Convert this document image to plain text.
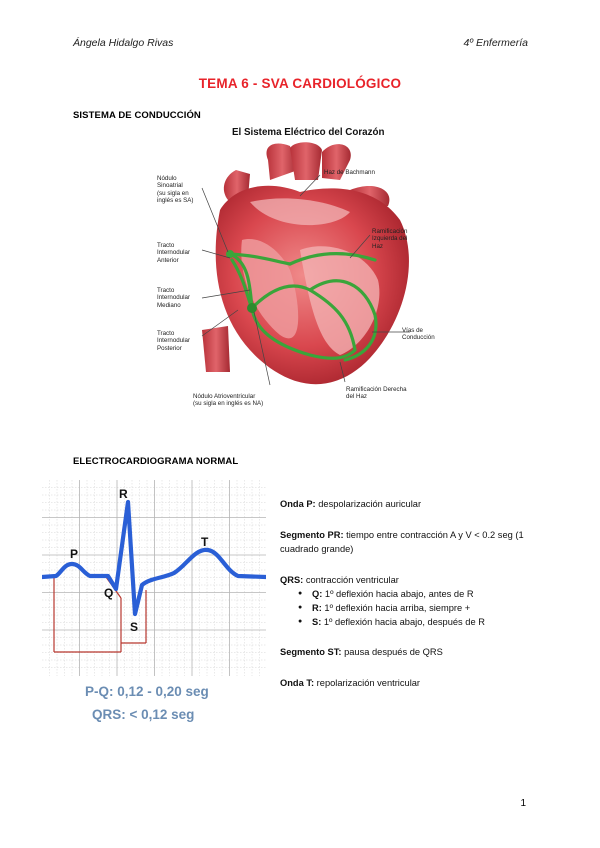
Ángela Hidalgo Rivas	4º Enfermería
TEMA 6 - SVA CARDIOLÓGICO
SISTEMA DE CONDUCCIÓN
El Sistema Eléctrico del Corazón
Nódulo
Sinoatrial
(su sigla en
inglés es SA)
Tracto
Internodular
Anterior
Tracto
Internodular
Mediano
Tracto
Internodular
Posterior
Nódulo Atrioventricular
(su sigla en inglés es NA)
Haz de Bachmann
Ramificación
Izquierda del
Haz
Vías de
Conducción
Ramificación Derecha
del Haz
ELECTROCARDIOGRAMA NORMAL
P
Q
R
S
T
P-Q: 0,12 - 0,20 seg
QRS: < 0,12 seg
Onda P: despolarización auricular
Segmento PR: tiempo entre contracción A y V < 0.2 seg (1 cuadrado grande)
QRS: contracción ventricular
● Q: 1º deflexión hacia abajo, antes de R
● R: 1º deflexión hacia arriba, siempre +
● S: 1º deflexión hacia abajo, después de R
Segmento ST: pausa después de QRS
Onda T: repolarización ventricular
1
